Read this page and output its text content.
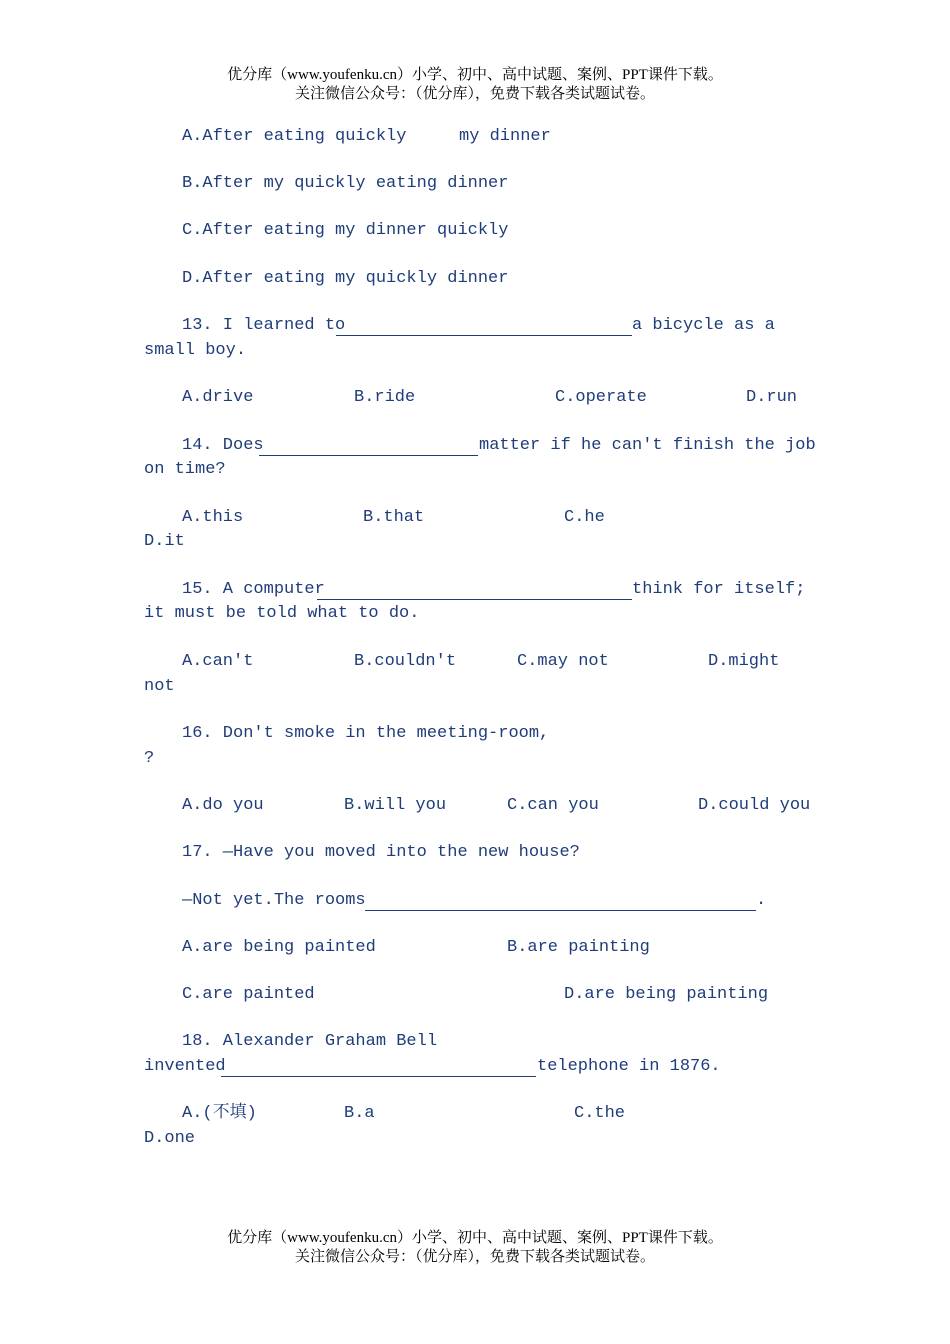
优分库（www.youfenku.cn）小学、初中、高中试题、案例、PPT课件下载。
关注微信公众号：（优分库），免费下载各类试题试卷。
A.After eating quickly	my dinner
B.After my quickly eating dinner
C.After eating my dinner quickly
D.After eating my quickly dinner
13. I learned to	a bicycle as a
small boy.
A.drive	B.ride	C.operate	D.run
14. Does	matter if he can't finish the job
on time?
A.this	B.that	C.he
D.it
15. A computer	think for itself;
it must be told what to do.
A.can't	B.couldn't	C.may not	D.might
not
16. Don't smoke in the meeting-room,
?
A.do you	B.will you	C.can you	D.could you
17. —Have you moved into the new house?
—Not yet.The rooms	.
A.are being painted	B.are painting
C.are painted	D.are being painting
18. Alexander Graham Bell
invented	telephone in 1876.
A.(不填)	B.a	C.the
D.one
优分库（www.youfenku.cn）小学、初中、高中试题、案例、PPT课件下载。
关注微信公众号：（优分库），免费下载各类试题试卷。
